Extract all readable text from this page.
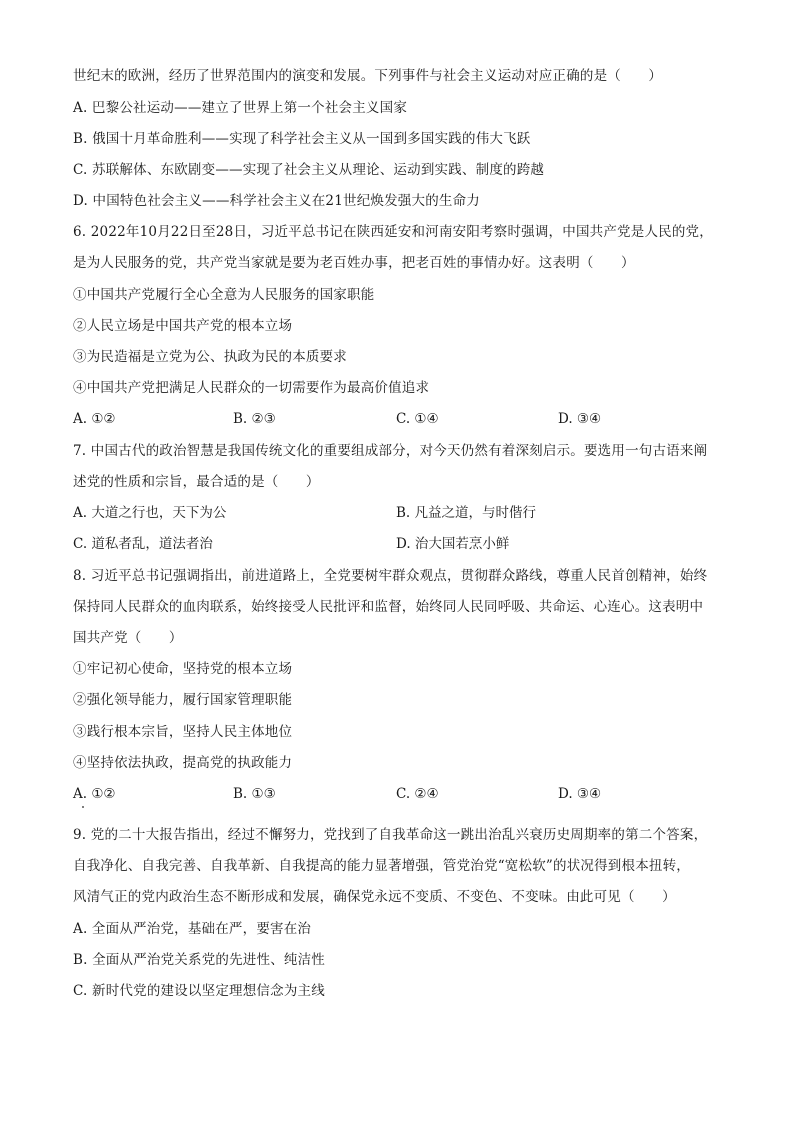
世纪末的欧洲，经历了世界范围内的演变和发展。下列事件与社会主义运动对应正确的是（　　）
A. 巴黎公社运动——建立了世界上第一个社会主义国家
B. 俄国十月革命胜利——实现了科学社会主义从一国到多国实践的伟大飞跃
C. 苏联解体、东欧剧变——实现了社会主义从理论、运动到实践、制度的跨越
D. 中国特色社会主义——科学社会主义在21世纪焕发强大的生命力
6. 2022年10月22日至28日，习近平总书记在陕西延安和河南安阳考察时强调，中国共产党是人民的党，
是为人民服务的党，共产党当家就是要为老百姓办事，把老百姓的事情办好。这表明（　　）
①中国共产党履行全心全意为人民服务的国家职能
②人民立场是中国共产党的根本立场
③为民造福是立党为公、执政为民的本质要求
④中国共产党把满足人民群众的一切需要作为最高价值追求
A. ①②	B. ②③	C. ①④	D. ③④
7. 中国古代的政治智慧是我国传统文化的重要组成部分，对今天仍然有着深刻启示。要选用一句古语来阐
述党的性质和宗旨，最合适的是（　　）
A. 大道之行也，天下为公	B. 凡益之道，与时偕行
C. 道私者乱，道法者治	D. 治大国若烹小鲜
8. 习近平总书记强调指出，前进道路上，全党要树牢群众观点，贯彻群众路线，尊重人民首创精神，始终
保持同人民群众的血肉联系，始终接受人民批评和监督，始终同人民同呼吸、共命运、心连心。这表明中
国共产党（　　）
①牢记初心使命，坚持党的根本立场
②强化领导能力，履行国家管理职能
③践行根本宗旨，坚持人民主体地位
④坚持依法执政，提高党的执政能力
A. ①②	B. ①③	C. ②④	D. ③④
9. 党的二十大报告指出，经过不懈努力，党找到了自我革命这一跳出治乱兴衰历史周期率的第二个答案，
自我净化、自我完善、自我革新、自我提高的能力显著增强，管党治党“宽松软”的状况得到根本扭转，
风清气正的党内政治生态不断形成和发展，确保党永远不变质、不变色、不变味。由此可见（　　）
A. 全面从严治党，基础在严，要害在治
B. 全面从严治党关系党的先进性、纯洁性
C. 新时代党的建设以坚定理想信念为主线
